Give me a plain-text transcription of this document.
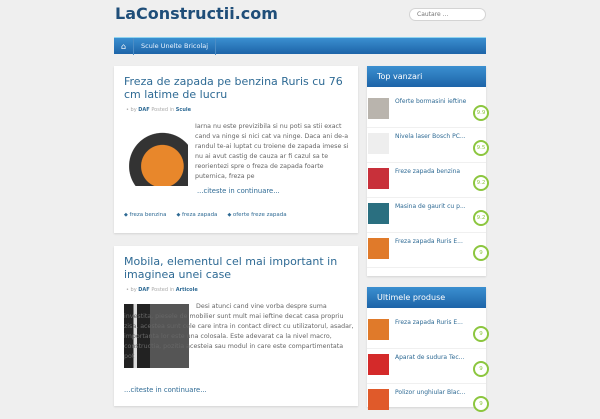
LaConstructii.com
Cautare ...
⌂	Scule Unelte Bricolaj
Freza de zapada pe benzina Ruris cu 76 cm latime de lucru
• by DAF Posted in Scule
Iarna nu este previzibila si nu poti sa stii exact cand va ninge si nici cat va ninge. Daca ani de-a randul te-ai luptat cu troiene de zapada imese si nu ai avut castig de cauza ar fi cazul sa te reorientezi spre o freza de zapada foarte puternica, freza pe
...citeste in continuare...
◆ freza benzina	◆ freza zapada	◆ oferte freze zapada
Mobila, elementul cel mai important in imaginea unei case
• by DAF Posted in Articole
Desi atunci cand vine vorba despre suma investita, piesele de mobilier sunt mult mai ieftine decat casa propriu zisa, acestea sunt cele care intra in contact direct cu utilizatorul, asadar, importanta lor este una colosala. Este adevarat ca la nivel macro, constructia, pozitia acesteia sau modul in care este compartimentata pot
...citeste in continuare...
Top vanzari
Oferte bormasini ieftine
9.9
Nivela laser Bosch PC...
9.5
Freze zapada benzina
9.2
Masina de gaurit cu p...
9.2
Freza zapada Ruris E...
9
Ultimele produse
Freza zapada Ruris E...
9
Aparat de sudura Tec...
9
Polizor unghiular Blac...
9
